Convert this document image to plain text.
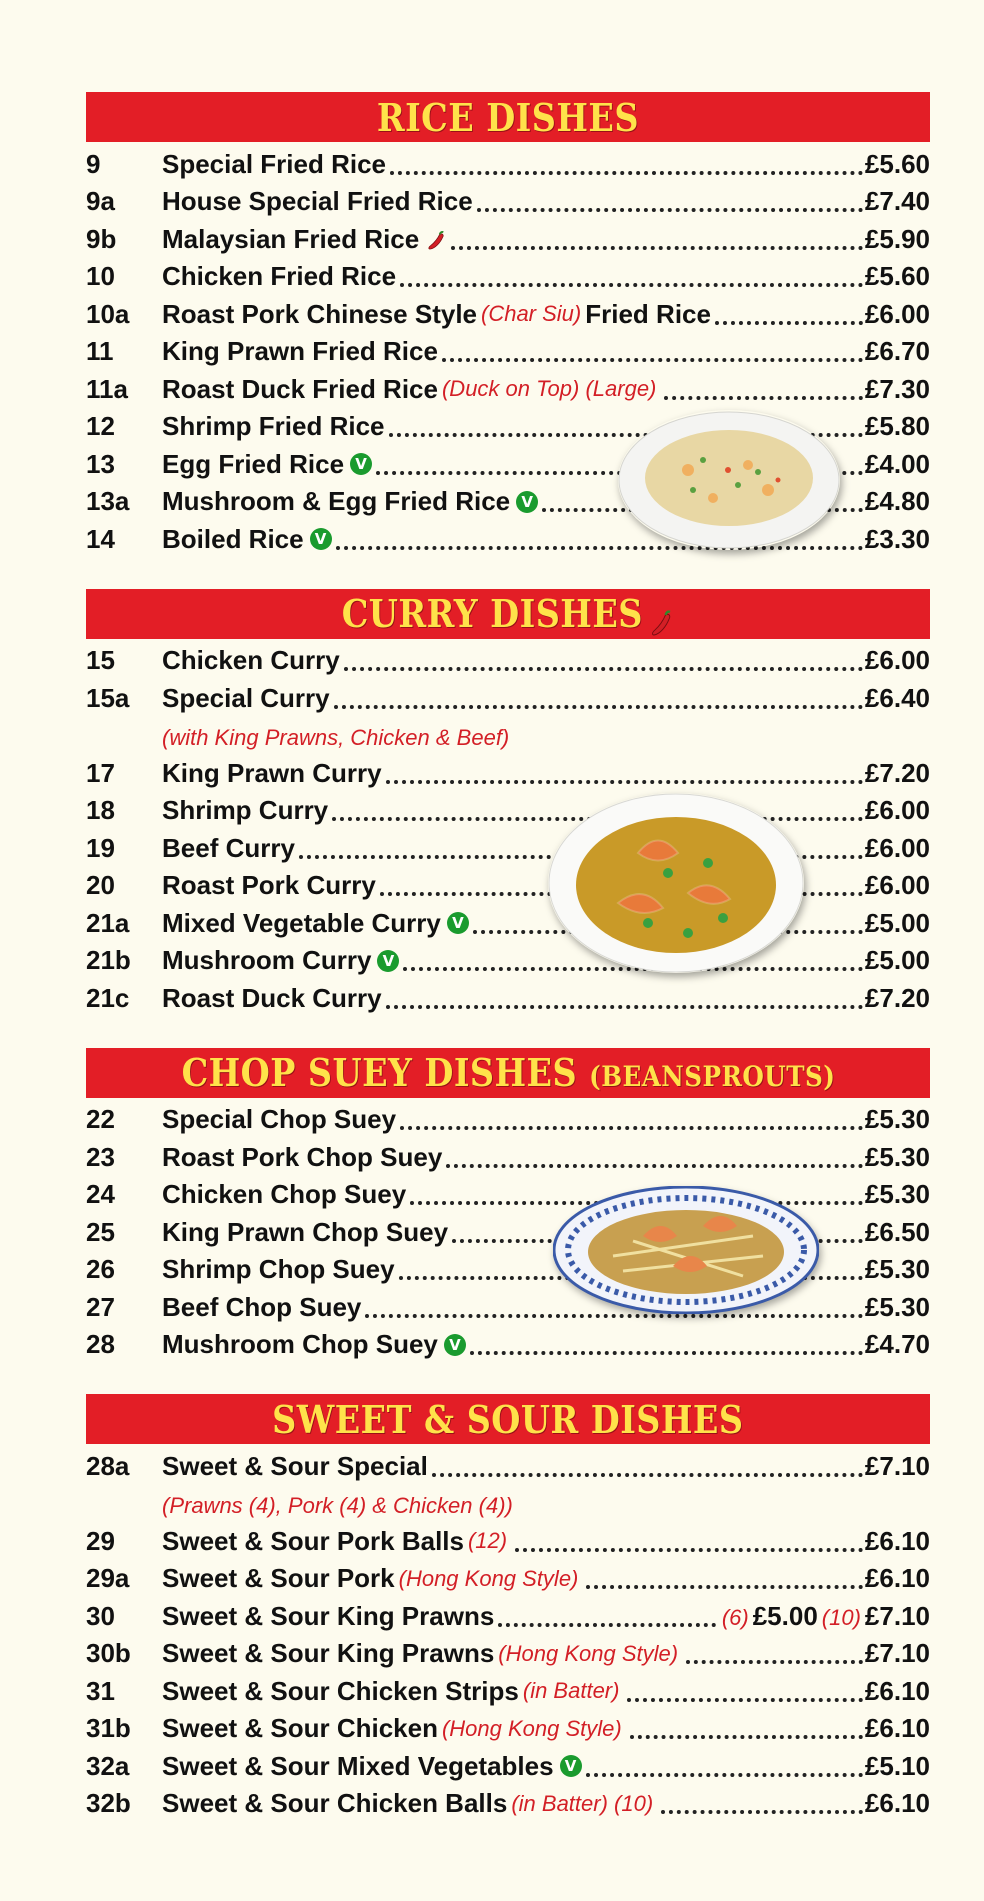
RICE DISHES
9	Special Fried Rice	£5.60
9a	House Special Fried Rice	£7.40
9b	Malaysian Fried Rice	£5.90
10	Chicken Fried Rice	£5.60
10a	Roast Pork Chinese Style (Char Siu) Fried Rice	£6.00
11	King Prawn Fried Rice	£6.70
11a	Roast Duck Fried Rice (Duck on Top) (Large)	£7.30
12	Shrimp Fried Rice	£5.80
13	Egg Fried Rice V	£4.00
13a	Mushroom & Egg Fried Rice V	£4.80
14	Boiled Rice V	£3.30
CURRY DISHES
15	Chicken Curry	£6.00
15a	Special Curry	£6.40
(with King Prawns, Chicken & Beef)
17	King Prawn Curry	£7.20
18	Shrimp Curry	£6.00
19	Beef Curry	£6.00
20	Roast Pork Curry	£6.00
21a	Mixed Vegetable Curry V	£5.00
21b	Mushroom Curry V	£5.00
21c	Roast Duck Curry	£7.20
CHOP SUEY DISHES (BEANSPROUTS)
22	Special Chop Suey	£5.30
23	Roast Pork Chop Suey	£5.30
24	Chicken Chop Suey	£5.30
25	King Prawn Chop Suey	£6.50
26	Shrimp Chop Suey	£5.30
27	Beef Chop Suey	£5.30
28	Mushroom Chop Suey V	£4.70
SWEET & SOUR DISHES
28a	Sweet & Sour Special	£7.10
(Prawns (4), Pork (4) & Chicken (4))
29	Sweet & Sour Pork Balls (12)	£6.10
29a	Sweet & Sour Pork (Hong Kong Style)	£6.10
30	Sweet & Sour King Prawns	(6) £5.00 (10) £7.10
30b	Sweet & Sour King Prawns (Hong Kong Style)	£7.10
31	Sweet & Sour Chicken Strips (in Batter)	£6.10
31b	Sweet & Sour Chicken (Hong Kong Style)	£6.10
32a	Sweet & Sour Mixed Vegetables V	£5.10
32b	Sweet & Sour Chicken Balls (in Batter) (10)	£6.10
